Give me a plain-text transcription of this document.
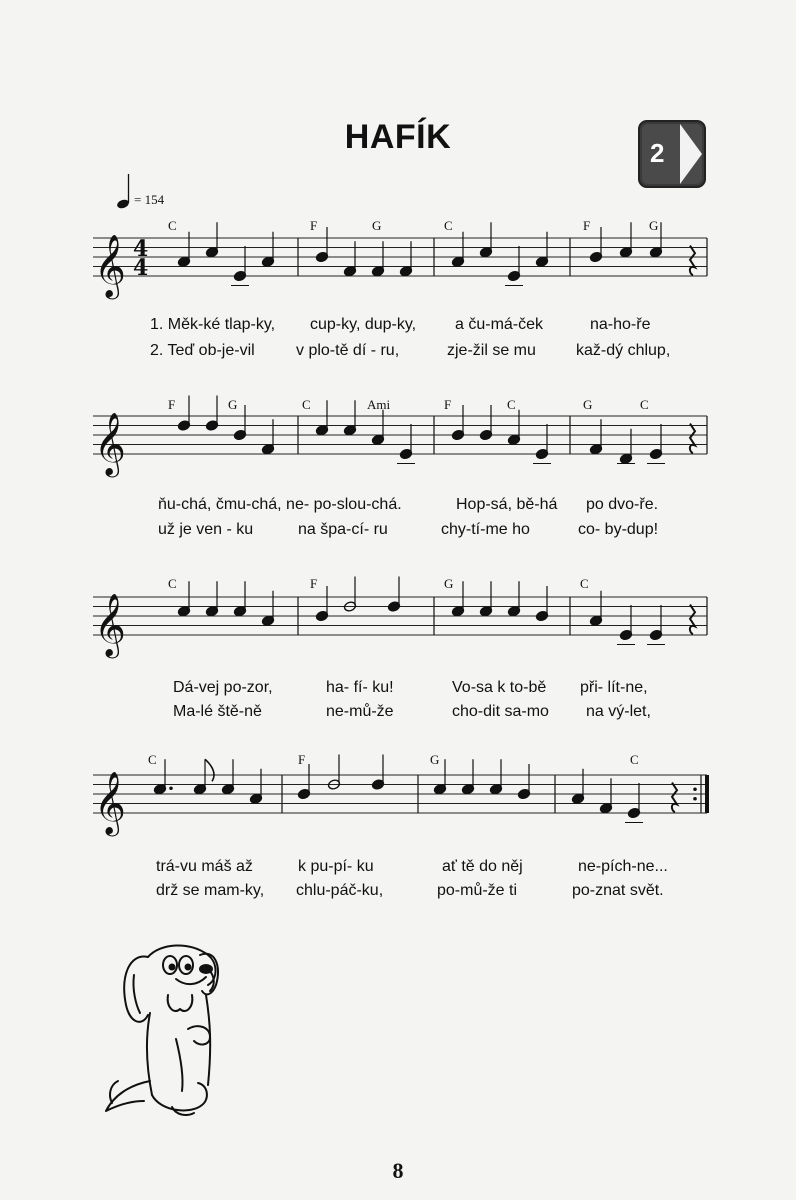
HAFÍK	2
= 154
C	F	G	C	F	G
F	G	C	Ami	F	C	G	C
C	F	G	C
C	F	G	C
𝄞 4
4
𝄞
𝄞
𝄞
1. Měk-ké tlap-ky, cup-ky, dup-ky, a ču-má-ček	na-ho-ře
2. Teď ob-je-vil	v plo-tě dí - ru,	zje-žil se mu	kaž-dý chlup,
ňu-chá, čmu-chá, ne- po-slou-chá.	Hop-sá, bě-há po dvo-ře.
už je ven - ku	na špa-cí- ru	chy-tí-me ho	co- by-dup!
Dá-vej po-zor,	ha- fí- ku!	Vo-sa k to-bě při- lít-ne,
Ma-lé ště-ně	ne-mů-že	cho-dit sa-mo na vý-let,
trá-vu máš až	k pu-pí- ku	ať tě do něj	ne-pích-ne...
drž se mam-ky, chlu-páč-ku,	po-mů-že ti	po-znat svět.
8
